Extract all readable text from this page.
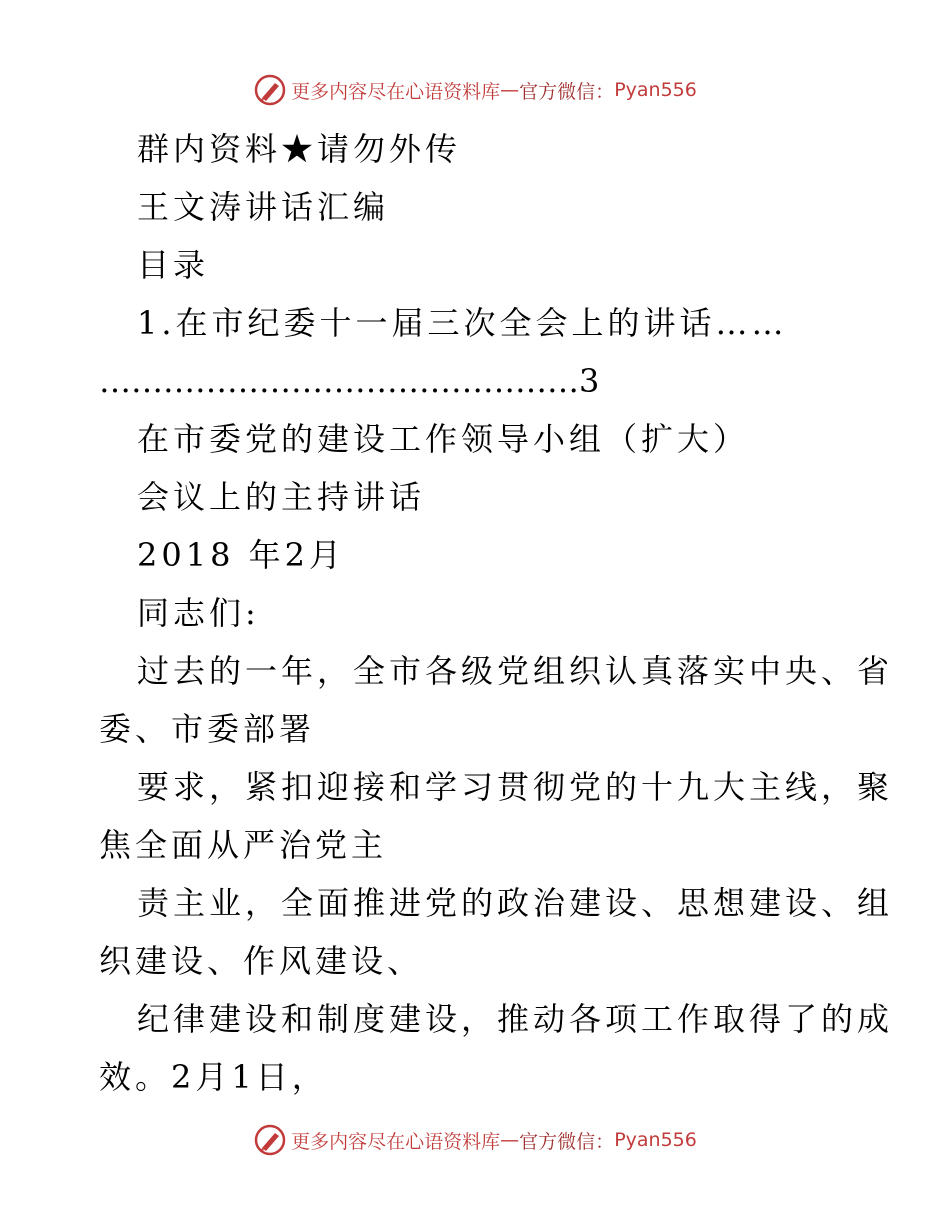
更多内容尽在心语资料库 — 官方微信： Pyan556
群内资料★请勿外传
王文涛讲话汇编
目录
1.在市纪委十一届三次全会上的讲话……
………………………………………3
在市委党的建设工作领导小组（扩大）
会议上的主持讲话
2018 年2月
同志们:
过去的一年，全市各级党组织认真落实中央、省
委、市委部署
要求，紧扣迎接和学习贯彻党的十九大主线，聚
焦全面从严治党主
责主业，全面推进党的政治建设、思想建设、组
织建设、作风建设、
纪律建设和制度建设，推动各项工作取得了的成
效。2月1日，
更多内容尽在心语资料库 — 官方微信： Pyan556
